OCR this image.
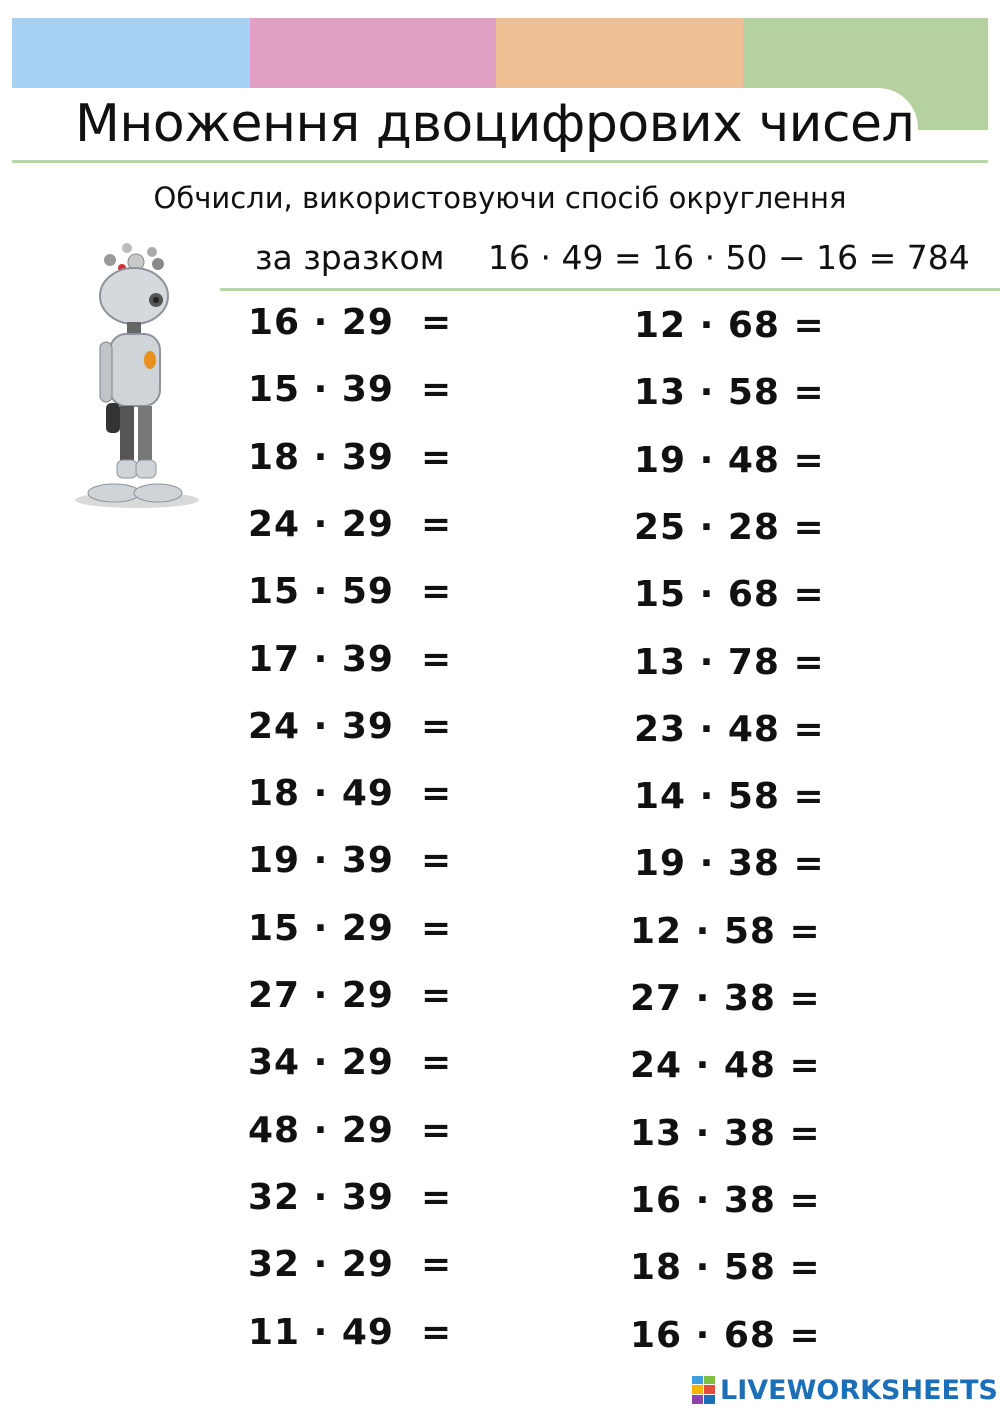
Множення двоцифрових чисел
Обчисли, використовуючи спосіб округлення
за зразком 16 · 49 = 16 · 50 − 16 = 784
16 · 29  =
15 · 39  =
18 · 39  =
24 · 29  =
15 · 59  =
17 · 39  =
24 · 39  =
18 · 49  =
19 · 39  =
15 · 29  =
27 · 29  =
34 · 29  =
48 · 29  =
32 · 39  =
32 · 29  =
11 · 49  =
12 · 68 =
13 · 58 =
19 · 48 =
25 · 28 =
15 · 68 =
13 · 78 =
23 · 48 =
14 · 58 =
19 · 38 =
12 · 58 =
27 · 38 =
24 · 48 =
13 · 38 =
16 · 38 =
18 · 58 =
16 · 68 =
LIVEWORKSHEETS
